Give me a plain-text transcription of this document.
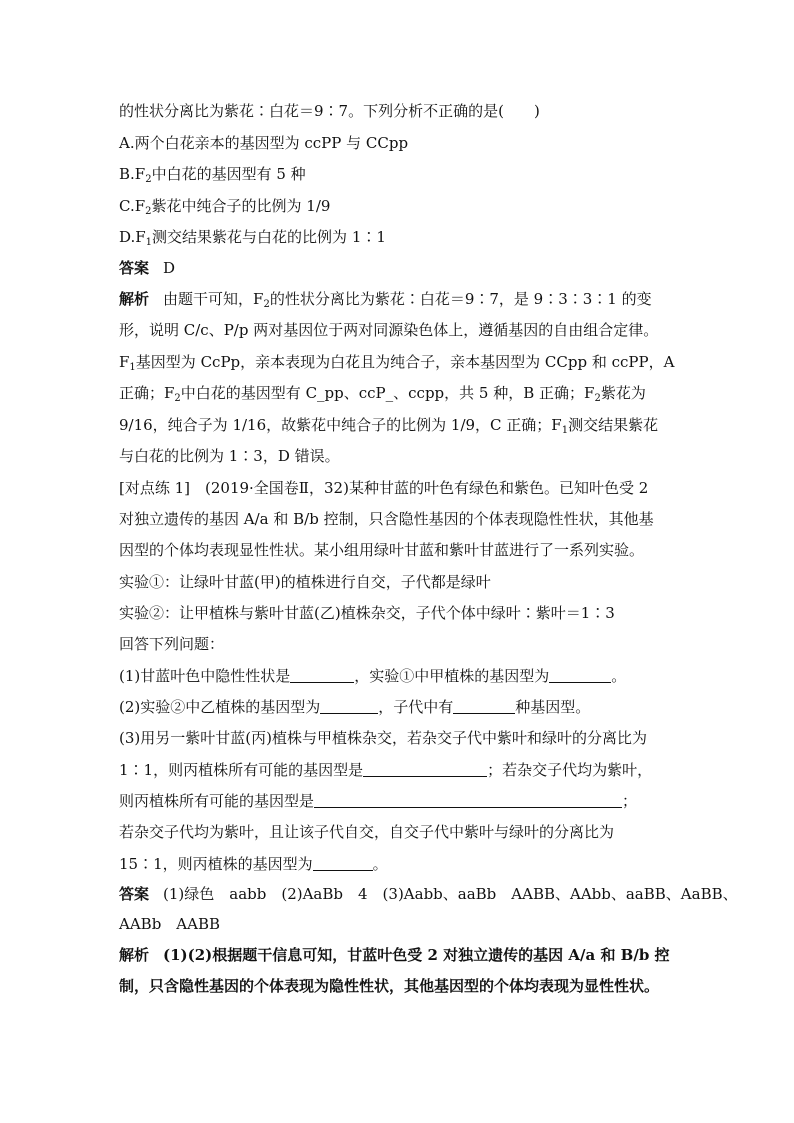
的性状分离比为紫花∶白花＝9∶7。下列分析不正确的是(　　)
A.两个白花亲本的基因型为 ccPP 与 CCpp
$B.F_2$中白花的基因型有 5 种
$C.F_2$紫花中纯合子的比例为 1/9
$D.F_1$测交结果紫花与白花的比例为 1∶1
答案 D
解析 由题干可知，$F_2$的性状分离比为紫花∶白花＝9∶7，是 9∶3∶3∶1 的变
形，说明 C/c、P/p 两对基因位于两对同源染色体上，遵循基因的自由组合定律。
$F_1$基因型为 CcPp，亲本表现为白花且为纯合子，亲本基因型为 CCpp 和 ccPP，A
正确；$F_2$中白花的基因型有 C_pp、ccP_、ccpp，共 5 种，B 正确；$F_2$紫花为
9/16，纯合子为 1/16，故紫花中纯合子的比例为 1/9，C 正确；$F_1$测交结果紫花
与白花的比例为 1∶3，D 错误。
[对点练 1]　(2019·全国卷Ⅱ，32)某种甘蓝的叶色有绿色和紫色。已知叶色受 2
对独立遗传的基因 A/a 和 B/b 控制，只含隐性基因的个体表现隐性性状，其他基
因型的个体均表现显性性状。某小组用绿叶甘蓝和紫叶甘蓝进行了一系列实验。
实验①：让绿叶甘蓝(甲)的植株进行自交，子代都是绿叶
实验②：让甲植株与紫叶甘蓝(乙)植株杂交，子代个体中绿叶∶紫叶＝1∶3
回答下列问题：
(1)甘蓝叶色中隐性性状是	，实验①中甲植株的基因型为	。
(2)实验②中乙植株的基因型为	，子代中有	种基因型。
(3)用另一紫叶甘蓝(丙)植株与甲植株杂交，若杂交子代中紫叶和绿叶的分离比为
1∶1，则丙植株所有可能的基因型是	；若杂交子代均为紫叶，
则丙植株所有可能的基因型是	；
若杂交子代均为紫叶，且让该子代自交，自交子代中紫叶与绿叶的分离比为
15∶1，则丙植株的基因型为	。
答案 (1)绿色　aabb　(2)AaBb　4　(3)Aabb、aaBb　AABB、AAbb、aaBB、AaBB、
AABb　AABB
解析 (1)(2)根据题干信息可知，甘蓝叶色受 2 对独立遗传的基因 A/a 和 B/b 控
制，只含隐性基因的个体表现为隐性性状，其他基因型的个体均表现为显性性状。
